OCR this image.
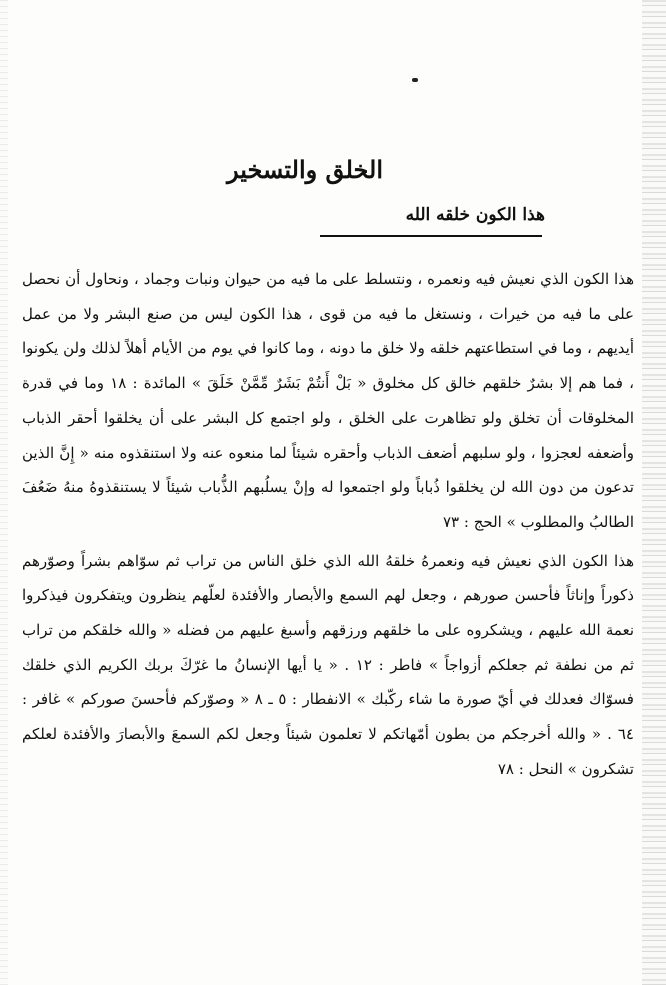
الخلق والتسخير
هذا الكون خلقه الله

هذا الكون الذي نعيش فيه ونعمره ، ونتسلط على ما فيه من حيوان ونبات وجماد ، ونحاول أن نحصل على ما فيه من خيرات ، ونستغل ما فيه من قوى ، هذا الكون ليس من صنع البشر ولا من عمل أيديهم ، وما في استطاعتهم خلقه ولا خلق ما دونه ، وما كانوا في يوم من الأيام أهلاً لذلك ولن يكونوا ، فما هم إلا بشرٌ خلقهم خالق كل مخلوق « بَلْ أَنتُمْ بَشَرٌ مِّمَّنْ خَلَقَ » المائدة : ١٨ وما في قدرة المخلوقات أن تخلق ولو تظاهرت على الخلق ، ولو اجتمع كل البشر على أن يخلقوا أحقر الذباب وأضعفه لعجزوا ، ولو سلبهم أضعف الذباب وأحقره شيئاً لما منعوه عنه ولا استنقذوه منه « إِنَّ الذين تدعون من دون الله لن يخلقوا ذُباباً ولو اجتمعوا له وإنْ يسلُبهم الذُّباب شيئاً لا يستنقذوهُ منهُ ضَعُفَ الطالبُ والمطلوب » الحج : ٧٣

هذا الكون الذي نعيش فيه ونعمرهُ خلقهُ الله الذي خلق الناس من تراب ثم سوّاهم بشراً وصوّرهم ذكوراً وإناثاً فأحسن صورهم ، وجعل لهم السمع والأبصار والأفئدة لعلّهم ينظرون ويتفكرون فيذكروا نعمة الله عليهم ، ويشكروه على ما خلقهم ورزقهم وأسبغ عليهم من فضله « والله خلقكم من تراب ثم من نطفة ثم جعلكم أزواجاً » فاطر : ١٢ . « يا أيها الإنسانُ ما غرّكَ بربك الكريم الذي خلقك فسوّاك فعدلك في أيّ صورة ما شاء ركّبك » الانفطار : ٥ ـ ٨ « وصوّركم فأحسنَ صوركم » غافر : ٦٤ . « والله أخرجكم من بطون أمّهاتكم لا تعلمون شيئاً وجعل لكم السمعَ والأبصارَ والأفئدة لعلكم تشكرون » النحل : ٧٨
